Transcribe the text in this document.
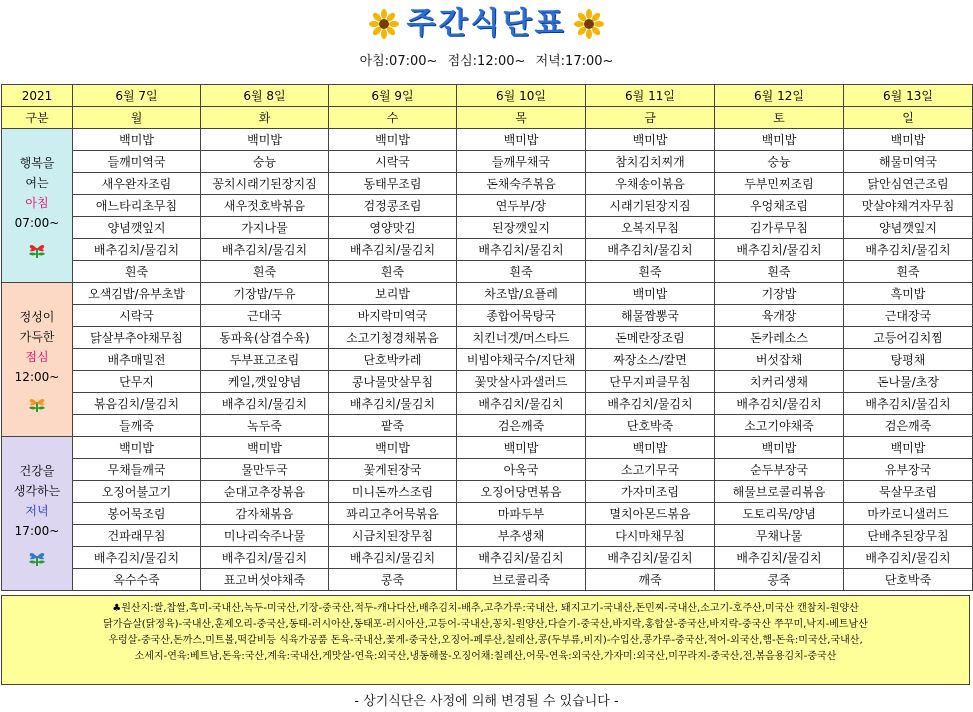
주간식단표
아침:07:00~ 점심:12:00~ 저녁:17:00~
2021	6월 7일	6월 8일	6월 9일	6월 10일	6월 11일	6월 12일	6월 13일
구분	월	화	수	목	금	토	일

행복을
여는
아침
07:00~	백미밥	백미밥	백미밥	백미밥	백미밥	백미밥	백미밥
	들깨미역국	숭늉	시락국	들깨무채국	참치김치찌개	숭늉	해물미역국
	새우완자조림	꽁치시래기된장지짐	동태무조림	돈채숙주볶음	우채송이볶음	두부민찌조림	닭안심연근조림
	애느타리초무침	새우젓호박볶음	검정콩조림	연두부/장	시래기된장지짐	우엉채조림	맛살야채겨자무침
	양념깻잎지	가지나물	영양맛김	된장깻잎지	오복지무침	김가루무침	양념깻잎지
	배추김치/물김치	배추김치/물김치	배추김치/물김치	배추김치/물김치	배추김치/물김치	배추김치/물김치	배추김치/물김치
	흰죽	흰죽	흰죽	흰죽	흰죽	흰죽	흰죽

정성이
가득한
점심
12:00~	오색김밥/유부초밥	기장밥/두유	보리밥	차조밥/요플레	백미밥	기장밥	흑미밥
	시락국	근대국	바지락미역국	종합어묵탕국	해물짬뽕국	육개장	근대장국
	닭살부추야채무침	동파육(삼겹수육)	소고기청경채볶음	치킨너겟/머스타드	돈메란장조림	돈카레소스	고등어김치찜
	배추매밀전	두부표고조림	단호박카레	비빔야채국수/지단채	짜장소스/칼면	버섯잡채	탕평채
	단무지	케일,깻잎양념	콩나물맛살무침	꽃맛살사과샐러드	단무지피클무침	치커리생채	돈나물/초장
	볶음김치/물김치	배추김치/물김치	배추김치/물김치	배추김치/물김치	배추김치/물김치	배추김치/물김치	배추김치/물김치
	들깨죽	녹두죽	팥죽	검은깨죽	단호박죽	소고기야채죽	검은깨죽

건강을
생각하는
저녁
17:00~	백미밥	백미밥	백미밥	백미밥	백미밥	백미밥	백미밥
	무채들깨국	물만두국	꽃게된장국	아욱국	소고기무국	순두부장국	유부장국
	오징어불고기	순대고추장볶음	미니돈까스조림	오징어당면볶음	가자미조림	해물브로콜리볶음	묵살무조림
	봉어묵조림	감자채볶음	꽈리고추어묵볶음	마파두부	멸치아몬드볶음	도토리묵/양념	마카로니샐러드
	건파래무침	미나리숙주나물	시금치된장무침	부추생채	다시마채무침	무채나물	단배추된장무침
	배추김치/물김치	배추김치/물김치	배추김치/물김치	배추김치/물김치	배추김치/물김치	배추김치/물김치	배추김치/물김치
	옥수수죽	표고버섯야채죽	콩죽	브로콜리죽	깨죽	콩죽	단호박죽
♣원산지:쌀,찹쌀,흑미-국내산,녹두-미국산,기장-중국산,적두-캐나다산,배추김치-배추,고추가루:국내산, 돼지고기-국내산,돈민찌-국내산,소고기-호주산,미국산 캔참치-원양산
닭가슴살(닭정육)-국내산,훈제오리-중국산,동태-러시아산,동태포-러시아산,고등어-국내산,꽁치-원양산,다슬기-중국산,바지락,홍합살-중국산,바지락-중국산 쭈꾸미,낙지-베트남산
우렁살-중국산,돈까스,미트볼,떡갈비등 식육가공품 돈육-국내산,꽃게-중국산,오징어-페루산,칠레산,콩(두부류,비지)-수입산,콩가루-중국산,적어-외국산,햄-돈육:미국산,국내산,
소세지-연육:베트남,돈육:국산,계육:국내산,게맛살-연육:외국산,냉동해물-오징어채:칠레산,어묵-연육:외국산,가자미:외국산,미꾸라지-중국산,전,볶음용김치-중국산
- 상기식단은 사정에 의해 변경될 수 있습니다 -
